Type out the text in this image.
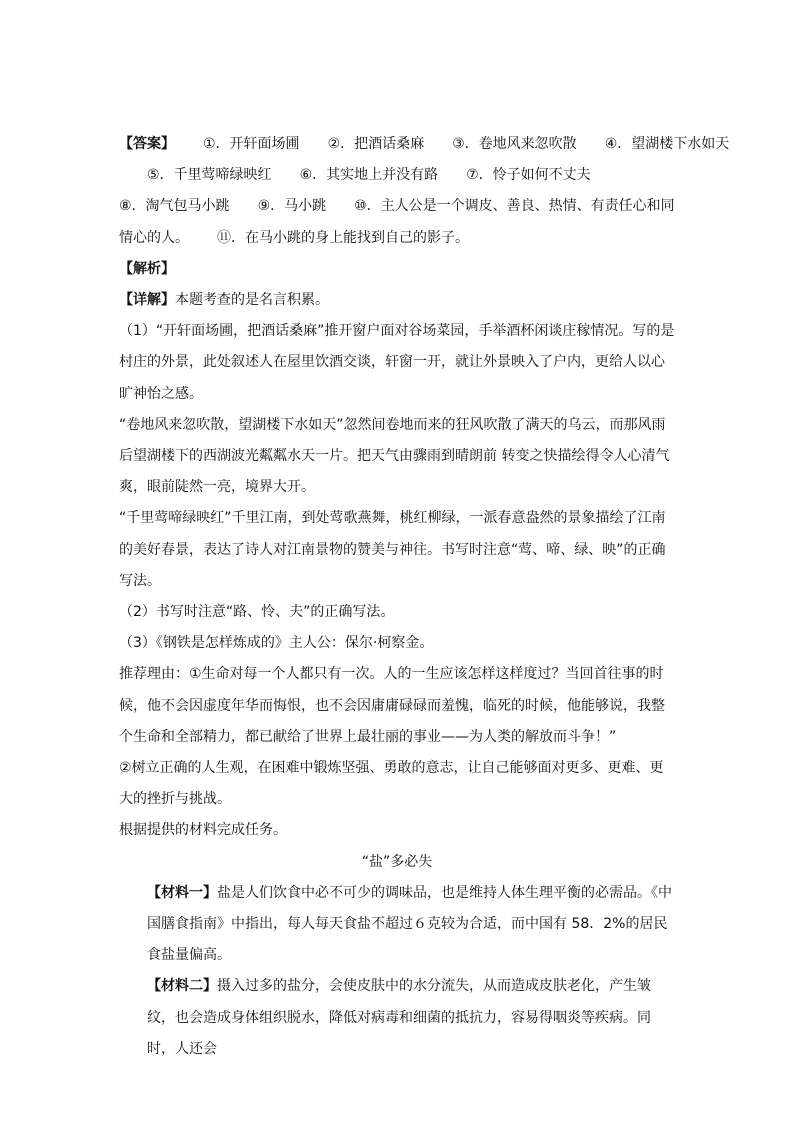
【答案】 ①．开轩面场圃 ②．把酒话桑麻 ③．卷地风来忽吹散 ④．望湖楼下水如天
⑤．千里莺啼绿映红 ⑥．其实地上并没有路 ⑦．怜子如何不丈夫
⑧．淘气包马小跳 ⑨．马小跳 ⑩．主人公是一个调皮、善良、热情、有责任心和同情心的人。 ⑪．在马小跳的身上能找到自己的影子。
【解析】
【详解】本题考查的是名言积累。
（1）“开轩面场圃，把酒话桑麻”推开窗户面对谷场菜园，手举酒杯闲谈庄稼情况。写的是村庄的外景，此处叙述人在屋里饮酒交谈，轩窗一开，就让外景映入了户内，更给人以心旷神怡之感。
“卷地风来忽吹散，望湖楼下水如天”忽然间卷地而来的狂风吹散了满天的乌云，而那风雨后望湖楼下的西湖波光粼粼水天一片。把天气由骤雨到晴朗前 转变之快描绘得令人心清气爽，眼前陡然一亮，境界大开。
“千里莺啼绿映红”千里江南，到处莺歌燕舞，桃红柳绿，一派春意盎然的景象描绘了江南的美好春景，表达了诗人对江南景物的赞美与神往。书写时注意“莺、啼、绿、映”的正确写法。
（2）书写时注意“路、怜、夫”的正确写法。
（3）《钢铁是怎样炼成的》主人公：保尔·柯察金。
推荐理由：①生命对每一个人都只有一次。人的一生应该怎样这样度过？当回首往事的时候，他不会因虚度年华而悔恨，也不会因庸庸碌碌而羞愧，临死的时候，他能够说，我整个生命和全部精力，都已献给了世界上最壮丽的事业——为人类的解放而斗争！”
②树立正确的人生观，在困难中锻炼坚强、勇敢的意志，让自己能够面对更多、更难、更大的挫折与挑战。
根据提供的材料完成任务。
“盐”多必失
【材料一】盐是人们饮食中必不可少的调味品，也是维持人体生理平衡的必需品。《中国膳食指南》中指出，每人每天食盐不超过６克较为合适，而中国有 58．2%的居民食盐量偏高。
【材料二】摄入过多的盐分，会使皮肤中的水分流失，从而造成皮肤老化，产生皱纹，也会造成身体组织脱水，降低对病毒和细菌的抵抗力，容易得咽炎等疾病。同时，人还会
